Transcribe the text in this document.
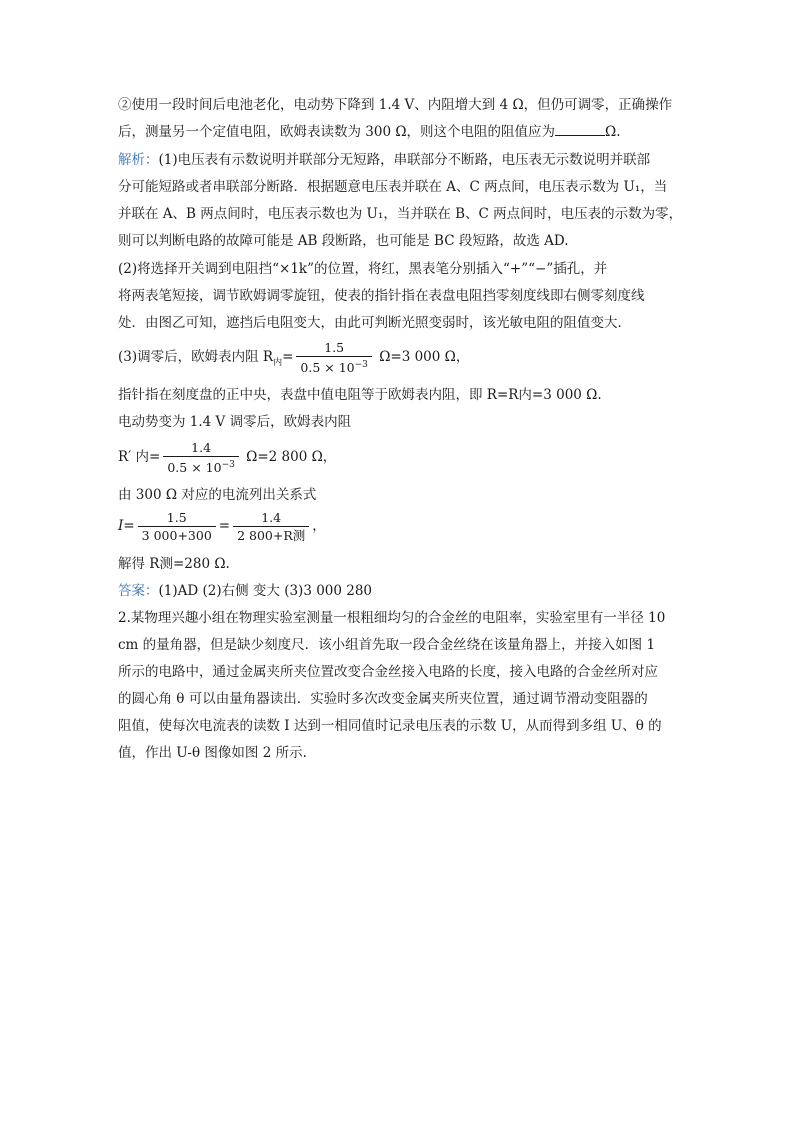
②使用一段时间后电池老化，电动势下降到 1.4 V、内阻增大到 4 Ω，但仍可调零，正确操作
后，测量另一个定值电阻，欧姆表读数为 300 Ω，则这个电阻的阻值应为	Ω.
解析：(1)电压表有示数说明并联部分无短路，串联部分不断路，电压表无示数说明并联部
分可能短路或者串联部分断路．根据题意电压表并联在 A、C 两点间，电压表示数为 U₁，当
并联在 A、B 两点间时，电压表示数也为 U₁，当并联在 B、C 两点间时，电压表的示数为零，
则可以判断电路的故障可能是 AB 段断路，也可能是 BC 段短路，故选 AD.
(2)将选择开关调到电阻挡“×1k”的位置，将红，黑表笔分别插入“+”“−”插孔，并
将两表笔短接，调节欧姆调零旋钮，使表的指针指在表盘电阻挡零刻度线即右侧零刻度线
处．由图乙可知，遮挡后电阻变大，由此可判断光照变弱时，该光敏电阻的阻值变大．
(3)调零后，欧姆表内阻 $R_内= \frac{1.5}{0.5 \times 10^{-3}} \Omega=3$ 000 Ω，
指针指在刻度盘的正中央，表盘中值电阻等于欧姆表内阻，即 R=R内=3 000 Ω.
电动势变为 1.4 V 调零后，欧姆表内阻
R′ 内= $\frac{1.4}{0.5 \times 10^{-3}} \Omega=2$ 800 Ω，
由 300 Ω 对应的电流列出关系式
$I= \frac{1.5}{3 000+300} = \frac{1.4}{\text{2 800+R测}}$ ，
解得 R测=280 Ω.
答案：(1)AD (2)右侧 变大 (3)3 000 280
2.某物理兴趣小组在物理实验室测量一根粗细均匀的合金丝的电阻率，实验室里有一半径 10
cm 的量角器，但是缺少刻度尺．该小组首先取一段合金丝绕在该量角器上，并接入如图 1
所示的电路中，通过金属夹所夹位置改变合金丝接入电路的长度，接入电路的合金丝所对应
的圆心角 θ 可以由量角器读出．实验时多次改变金属夹所夹位置，通过调节滑动变阻器的
阻值，使每次电流表的读数 I 达到一相同值时记录电压表的示数 U，从而得到多组 U、θ 的
值，作出 U-θ 图像如图 2 所示.
